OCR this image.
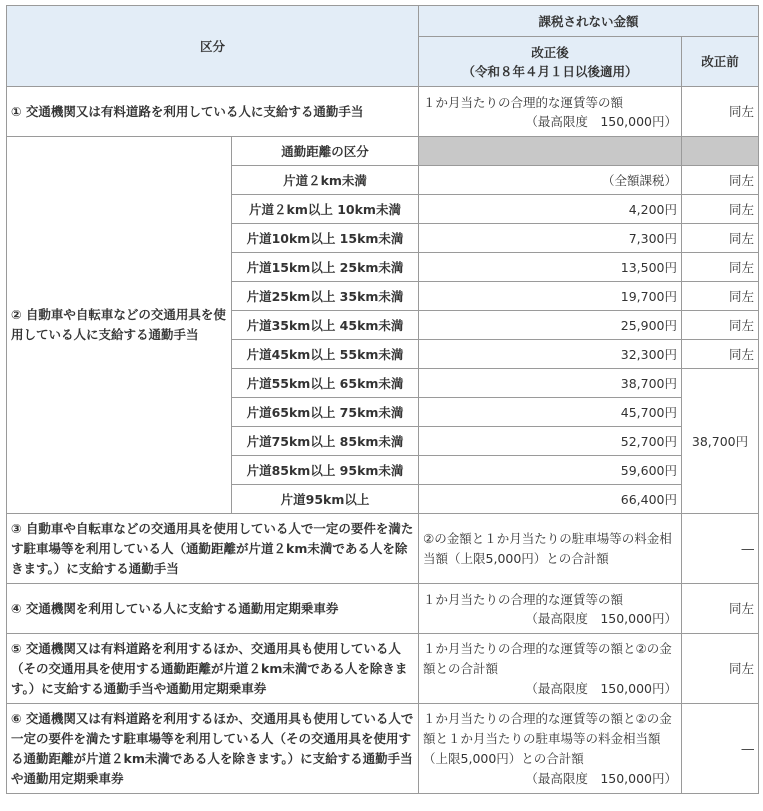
区分		課税されない金額	

		改正後
（令和８年４月１日以後適用）	改正前
① 交通機関又は有料道路を利用している人に支給する通勤手当		１か月当たりの合理的な運賃等の額
（最高限度　150,000円）	同左
② 自動車や自転車などの交通用具を使用している人に支給する通勤手当	通勤距離の区分		
	片道２km未満	（全額課税）	同左
	片道２km以上 10km未満	4,200円	同左
	片道10km以上 15km未満	7,300円	同左
	片道15km以上 25km未満	13,500円	同左
	片道25km以上 35km未満	19,700円	同左
	片道35km以上 45km未満	25,900円	同左
	片道45km以上 55km未満	32,300円	同左
	片道55km以上 65km未満	38,700円	38,700円
	片道65km以上 75km未満	45,700円	
	片道75km以上 85km未満	52,700円	
	片道85km以上 95km未満	59,600円	
	片道95km以上	66,400円	
③ 自動車や自転車などの交通用具を使用している人で一定の要件を満たす駐車場等を利用している人（通勤距離が片道２km未満である人を除きます。）に支給する通勤手当		②の金額と１か月当たりの駐車場等の料金相当額（上限5,000円）との合計額	―
④ 交通機関を利用している人に支給する通勤用定期乗車券		１か月当たりの合理的な運賃等の額
（最高限度　150,000円）	同左
⑤ 交通機関又は有料道路を利用するほか、交通用具も使用している人（その交通用具を使用する通勤距離が片道２km未満である人を除きます。）に支給する通勤手当や通勤用定期乗車券		１か月当たりの合理的な運賃等の額と②の金額との合計額
（最高限度　150,000円）	同左
⑥ 交通機関又は有料道路を利用するほか、交通用具も使用している人で一定の要件を満たす駐車場等を利用している人（その交通用具を使用する通勤距離が片道２km未満である人を除きます。）に支給する通勤手当や通勤用定期乗車券		１か月当たりの合理的な運賃等の額と②の金額と１か月当たりの駐車場等の料金相当額（上限5,000円）との合計額
（最高限度　150,000円）	―
